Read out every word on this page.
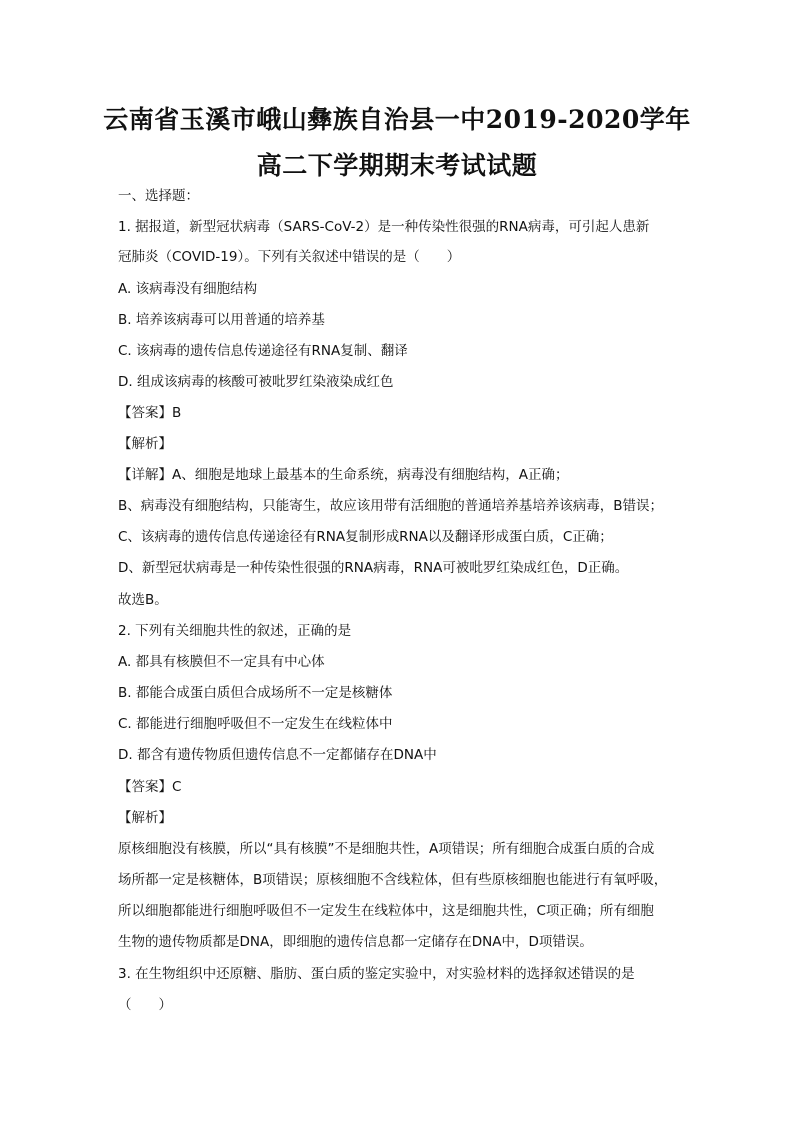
云南省玉溪市峨山彝族自治县一中2019-2020学年
高二下学期期末考试试题
一、选择题：
1. 据报道，新型冠状病毒（SARS-CoV-2）是一种传染性很强的RNA病毒，可引起人患新
冠肺炎（COVID-19）。下列有关叙述中错误的是（　　）
A. 该病毒没有细胞结构
B. 培养该病毒可以用普通的培养基
C. 该病毒的遗传信息传递途径有RNA复制、翻译
D. 组成该病毒的核酸可被吡罗红染液染成红色
【答案】B
【解析】
【详解】A、细胞是地球上最基本的生命系统，病毒没有细胞结构，A正确；
B、病毒没有细胞结构，只能寄生，故应该用带有活细胞的普通培养基培养该病毒，B错误；
C、该病毒的遗传信息传递途径有RNA复制形成RNA以及翻译形成蛋白质，C正确；
D、新型冠状病毒是一种传染性很强的RNA病毒，RNA可被吡罗红染成红色，D正确。
故选B。
2. 下列有关细胞共性的叙述，正确的是
A. 都具有核膜但不一定具有中心体
B. 都能合成蛋白质但合成场所不一定是核糖体
C. 都能进行细胞呼吸但不一定发生在线粒体中
D. 都含有遗传物质但遗传信息不一定都储存在DNA中
【答案】C
【解析】
原核细胞没有核膜，所以“具有核膜”不是细胞共性，A项错误；所有细胞合成蛋白质的合成
场所都一定是核糖体，B项错误；原核细胞不含线粒体，但有些原核细胞也能进行有氧呼吸，
所以细胞都能进行细胞呼吸但不一定发生在线粒体中，这是细胞共性，C项正确；所有细胞
生物的遗传物质都是DNA，即细胞的遗传信息都一定储存在DNA中，D项错误。
3. 在生物组织中还原糖、脂肪、蛋白质的鉴定实验中，对实验材料的选择叙述错误的是
（　　）
